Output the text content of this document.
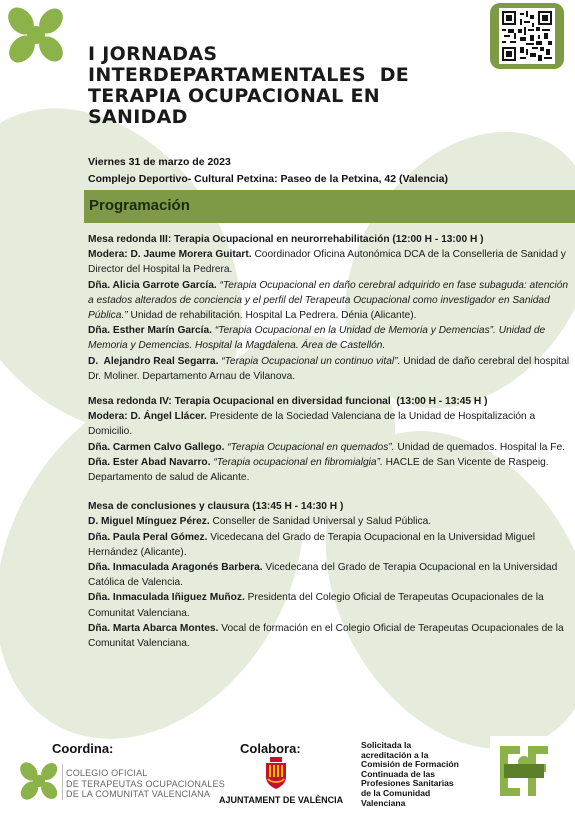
I JORNADAS
INTERDEPARTAMENTALES  DE
TERAPIA OCUPACIONAL EN
SANIDAD
Viernes 31 de marzo de 2023
Complejo Deportivo- Cultural Petxina: Paseo de la Petxina, 42 (Valencia)
Programación

Mesa redonda III: Terapia Ocupacional en neurorrehabilitación (12:00 H - 13:00 H )

Modera: D. Jaume Morera Guitart. Coordinador Oficina Autonómica DCA de la Conselleria de Sanidad y Director del Hospital la Pedrera.

Dña. Alicia Garrote García. “Terapia Ocupacional en daño cerebral adquirido en fase subaguda: atención a estados alterados de conciencia y el perfil del Terapeuta Ocupacional como investigador en Sanidad Pública.” Unidad de rehabilitación. Hospital La Pedrera. Dénia (Alicante).

Dña. Esther Marín García. “Terapia Ocupacional en la Unidad de Memoria y Demencias”. Unidad de Memoria y Demencias. Hospital la Magdalena. Área de Castellón.

D.  Alejandro Real Segarra. “Terapia Ocupacional un continuo vital”. Unidad de daño cerebral del hospital Dr. Moliner. Departamento Arnau de Vilanova.

Mesa redonda IV: Terapia Ocupacional en diversidad funcional  (13:00 H - 13:45 H )

Modera: D. Ángel Llácer. Presidente de la Sociedad Valenciana de la Unidad de Hospitalización a Domicilio.

Dña. Carmen Calvo Gallego. “Terapia Ocupacional en quemados”. Unidad de quemados. Hospital la Fe.

Dña. Ester Abad Navarro. “Terapia ocupacional en fibromialgia”. HACLE de San Vicente de Raspeig. Departamento de salud de Alicante.

Mesa de conclusiones y clausura (13:45 H - 14:30 H )

D. Miguel Mínguez Pérez. Conseller de Sanidad Universal y Salud Pública.

Dña. Paula Peral Gómez. Vicedecana del Grado de Terapia Ocupacional en la Universidad Miguel Hernández (Alicante).

Dña. Inmaculada Aragonés Barbera. Vicedecana del Grado de Terapia Ocupacional en la Universidad Católica de Valencia.

Dña. Inmaculada Iñiguez Muñoz. Presidenta del Colegio Oficial de Terapeutas Ocupacionales de la Comunitat Valenciana.

Dña. Marta Abarca Montes. Vocal de formación en el Colegio Oficial de Terapeutas Ocupacionales de la Comunitat Valenciana.

Coordina:	Colabora:
COLEGIO OFICIAL
DE TERAPEUTAS OCUPACIONALES
DE LA COMUNITAT VALENCIANA
AJUNTAMENT DE VALÈNCIA
Solicitada la
acreditación a la
Comisión de Formación
Continuada de las
Profesiones Sanitarias
de la Comunidad
Valenciana
